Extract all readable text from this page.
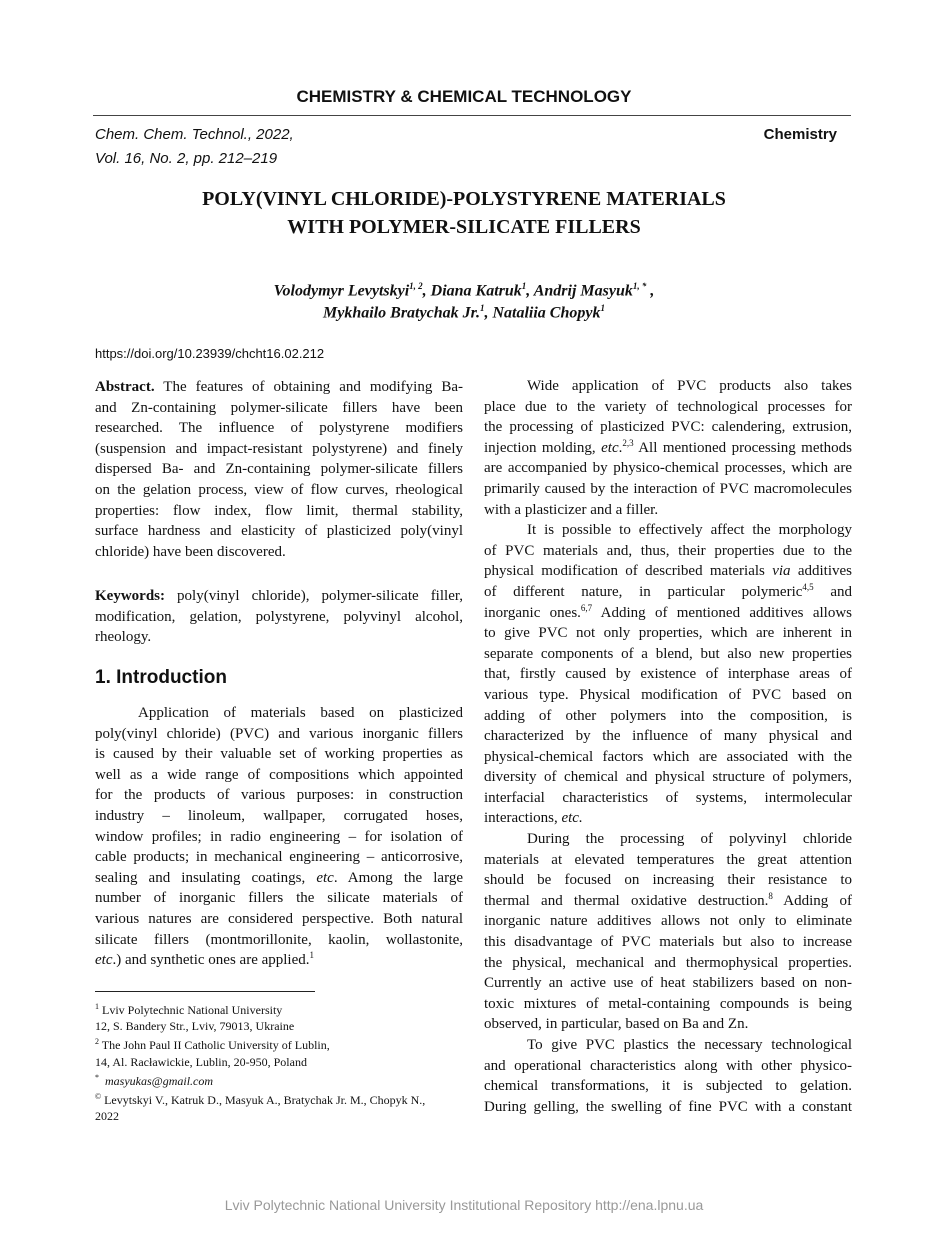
CHEMISTRY & CHEMICAL TECHNOLOGY
Chem. Chem. Technol., 2022,
Vol. 16, No. 2, pp. 212–219
Chemistry
POLY(VINYL CHLORIDE)-POLYSTYRENE MATERIALS
WITH POLYMER-SILICATE FILLERS
Volodymyr Levytskyi$^{1, 2}$, Diana Katruk$^1$, Andrij Masyuk$^{1, *}$ ,
Mykhailo Bratychak Jr.$^1$, Nataliia Chopyk$^1$
https://doi.org/10.23939/chcht16.02.212
Abstract. The features of obtaining and modifying Ba-
and Zn-containing polymer-silicate fillers have been
researched. The influence of polystyrene modifiers
(suspension and impact-resistant polystyrene) and finely
dispersed Ba- and Zn-containing polymer-silicate fillers
on the gelation process, view of flow curves, rheological
properties: flow index, flow limit, thermal stability,
surface hardness and elasticity of plasticized poly(vinyl
chloride) have been discovered.
Keywords: poly(vinyl chloride), polymer-silicate filler,
modification, gelation, polystyrene, polyvinyl alcohol,
rheology.
1. Introduction
Application of materials based on plasticized
poly(vinyl chloride) (PVC) and various inorganic fillers
is caused by their valuable set of working properties as
well as a wide range of compositions which appointed
for the products of various purposes: in construction
industry – linoleum, wallpaper, corrugated hoses,
window profiles; in radio engineering – for isolation of
cable products; in mechanical engineering – anticorrosive,
sealing and insulating coatings, etc. Among the large
number of inorganic fillers the silicate materials of
various natures are considered perspective. Both natural
silicate fillers (montmorillonite, kaolin, wollastonite,
etc.) and synthetic ones are applied.$^1$
Wide application of PVC products also takes
place due to the variety of technological processes for
the processing of plasticized PVC: calendering, extrusion,
injection molding, etc.$^{2,3}$ All mentioned processing methods
are accompanied by physico-chemical processes, which are
primarily caused by the interaction of PVC macromolecules
with a plasticizer and a filler.
It is possible to effectively affect the morphology
of PVC materials and, thus, their properties due to the
physical modification of described materials via additives
of different nature, in particular polymeric$^{4,5}$ and
inorganic ones.$^{6,7}$ Adding of mentioned additives allows
to give PVC not only properties, which are inherent in
separate components of a blend, but also new properties
that, firstly caused by existence of interphase areas of
various type. Physical modification of PVC based on
adding of other polymers into the composition, is
characterized by the influence of many physical and
physical-chemical factors which are associated with the
diversity of chemical and physical structure of polymers,
interfacial characteristics of systems, intermolecular
interactions, etc.
During the processing of polyvinyl chloride
materials at elevated temperatures the great attention
should be focused on increasing their resistance to
thermal and thermal oxidative destruction.$^8$ Adding of
inorganic nature additives allows not only to eliminate
this disadvantage of PVC materials but also to increase
the physical, mechanical and thermophysical properties.
Currently an active use of heat stabilizers based on non-
toxic mixtures of metal-containing compounds is being
observed, in particular, based on Ba and Zn.
To give PVC plastics the necessary technological
and operational characteristics along with other physico-
chemical transformations, it is subjected to gelation.
During gelling, the swelling of fine PVC with a constant
$^1$ Lviv Polytechnic National University
12, S. Bandery Str., Lviv, 79013, Ukraine
$^2$ The John Paul II Catholic University of Lublin,
14, Al. Racławickie, Lublin, 20-950, Poland
* masyukas@gmail.com
© Levytskyi V., Katruk D., Masyuk A., Bratychak Jr. M., Chopyk N.,
2022
Lviv Polytechnic National University Institutional Repository http://ena.lpnu.ua
